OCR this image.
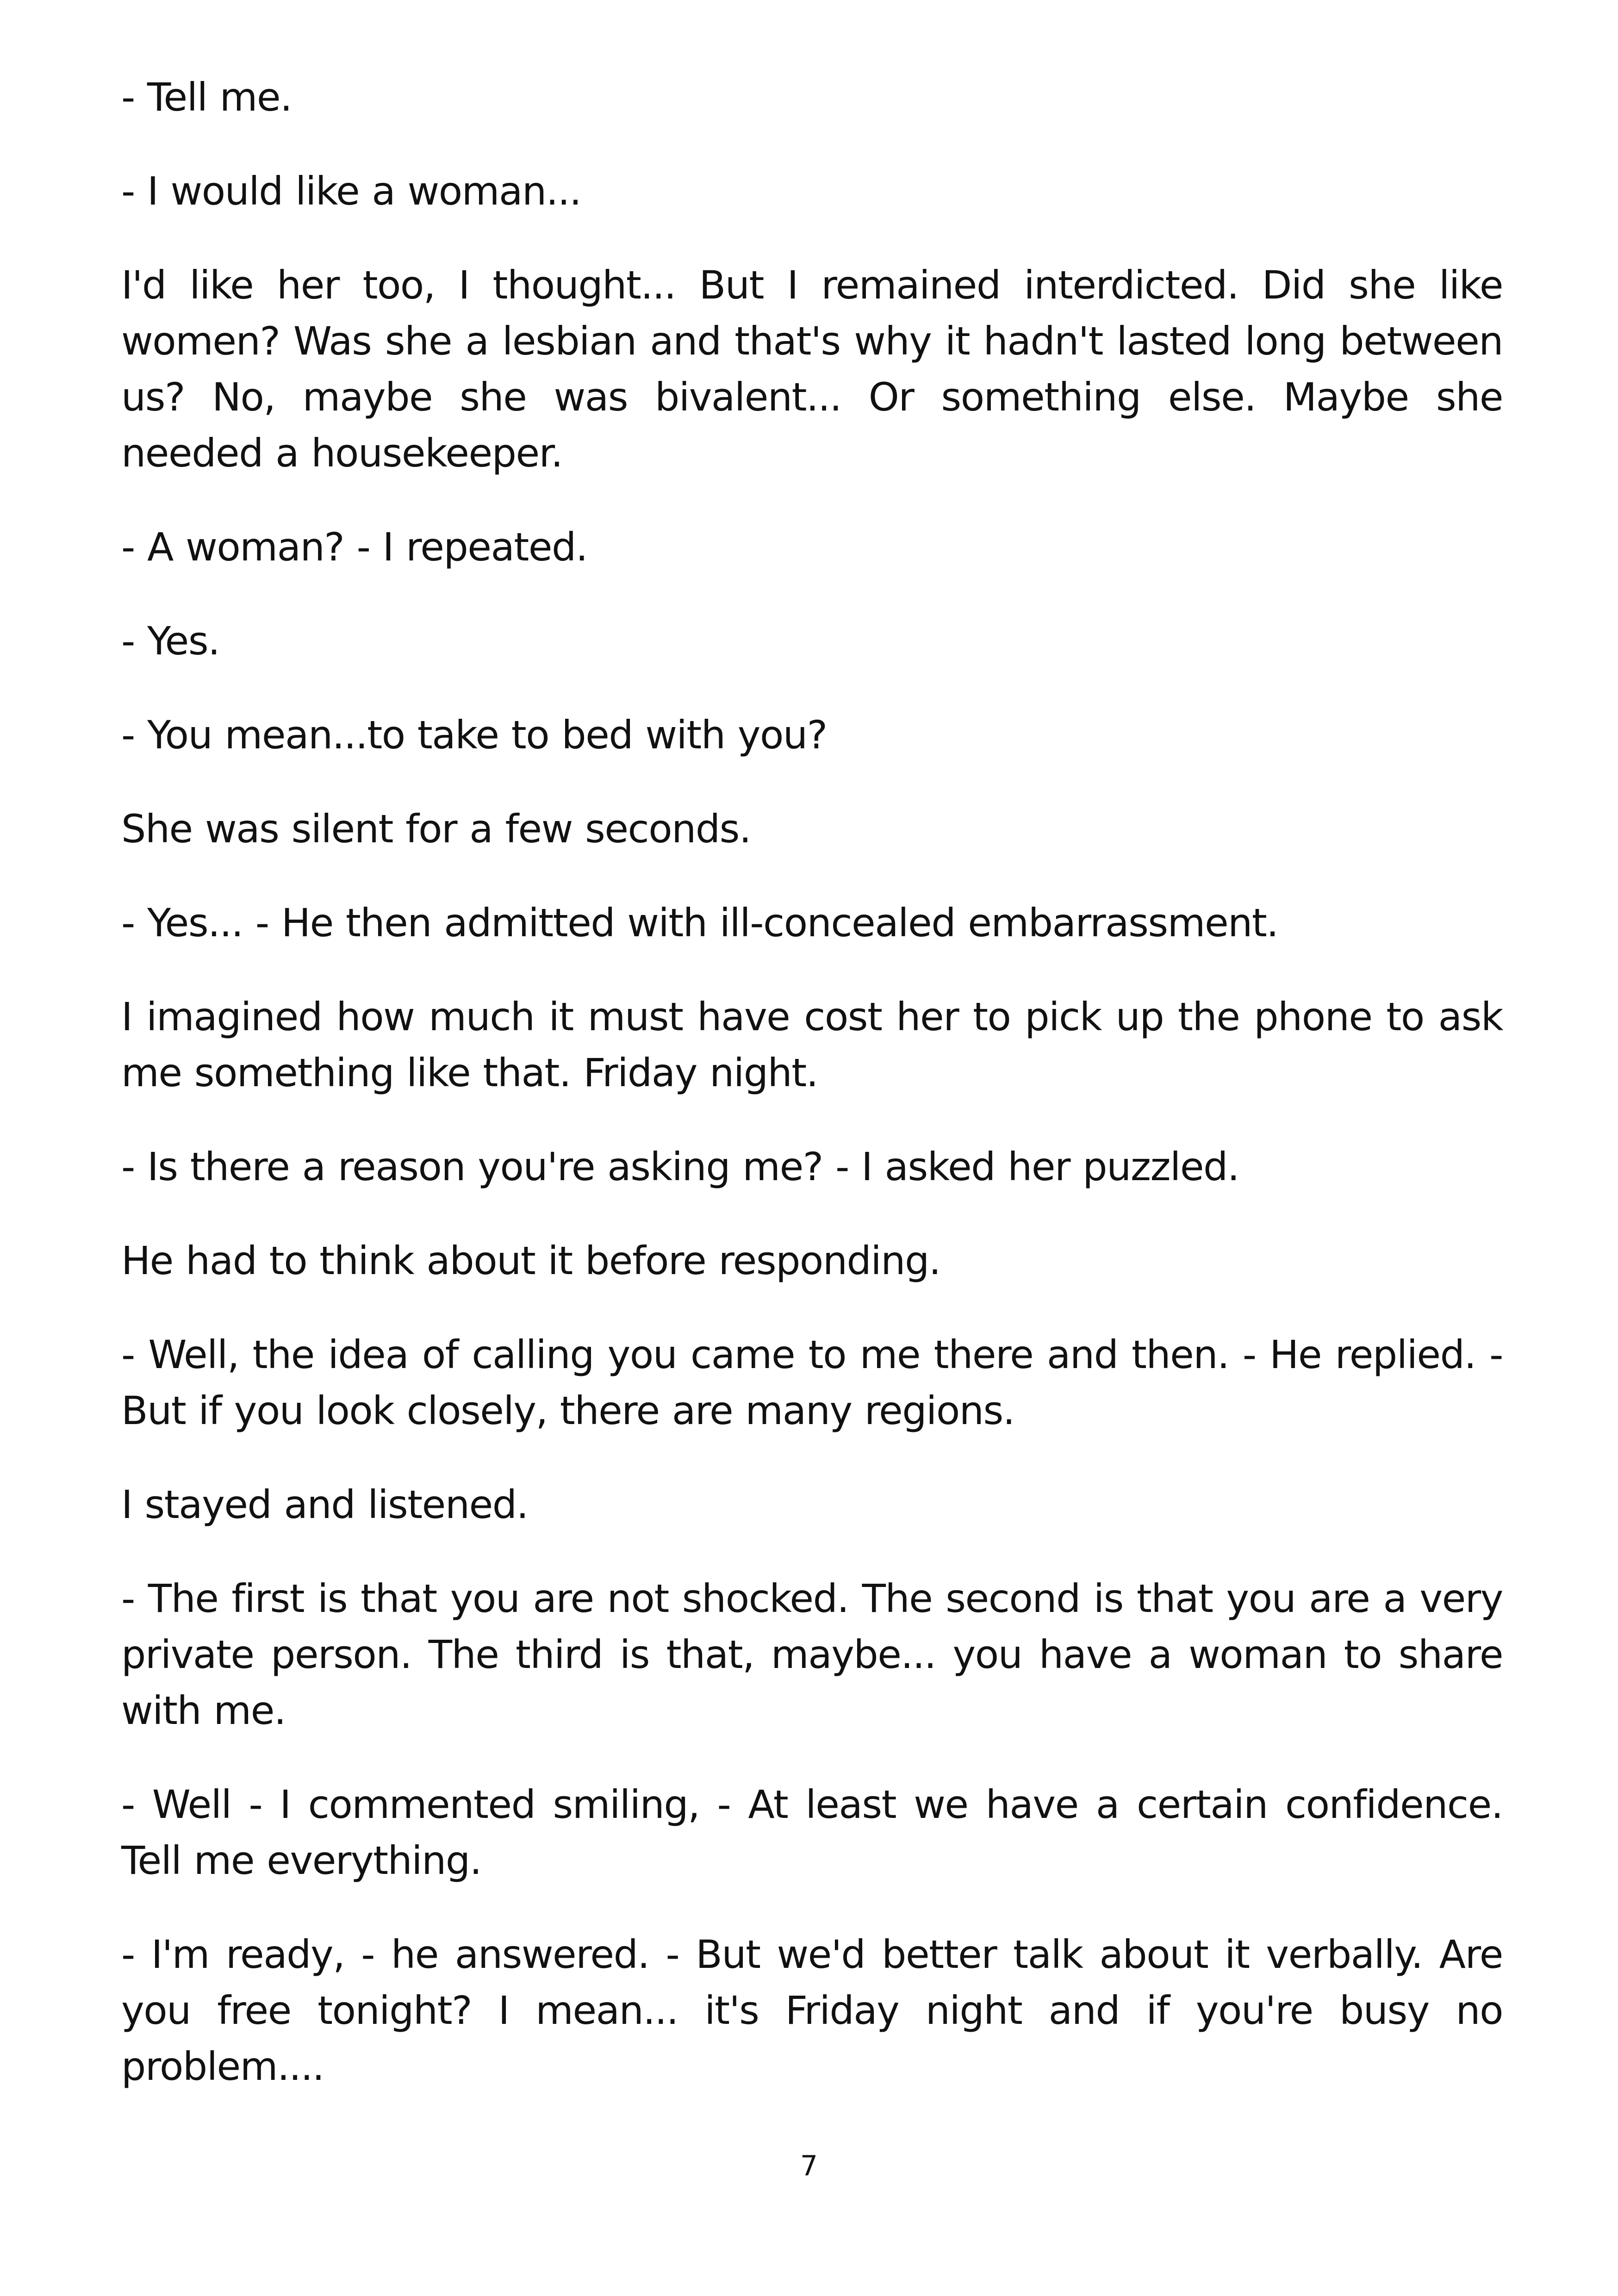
- Tell me.

- I would like a woman...

I'd like her too, I thought... But I remained interdicted. Did she like women? Was she a lesbian and that's why it hadn't lasted long between us? No, maybe she was bivalent... Or something else. Maybe she needed a housekeeper.

- A woman? - I repeated.

- Yes.

- You mean...to take to bed with you?

She was silent for a few seconds.

- Yes... - He then admitted with ill-concealed embarrassment.

I imagined how much it must have cost her to pick up the phone to ask me something like that. Friday night.

- Is there a reason you're asking me? - I asked her puzzled.

He had to think about it before responding.

- Well, the idea of calling you came to me there and then. - He replied. - But if you look closely, there are many regions.

I stayed and listened.

- The first is that you are not shocked. The second is that you are a very private person. The third is that, maybe... you have a woman to share with me.

- Well - I commented smiling, - At least we have a certain confidence. Tell me everything.

- I'm ready, - he answered. - But we'd better talk about it verbally. Are you free tonight? I mean... it's Friday night and if you're busy no problem....

7
